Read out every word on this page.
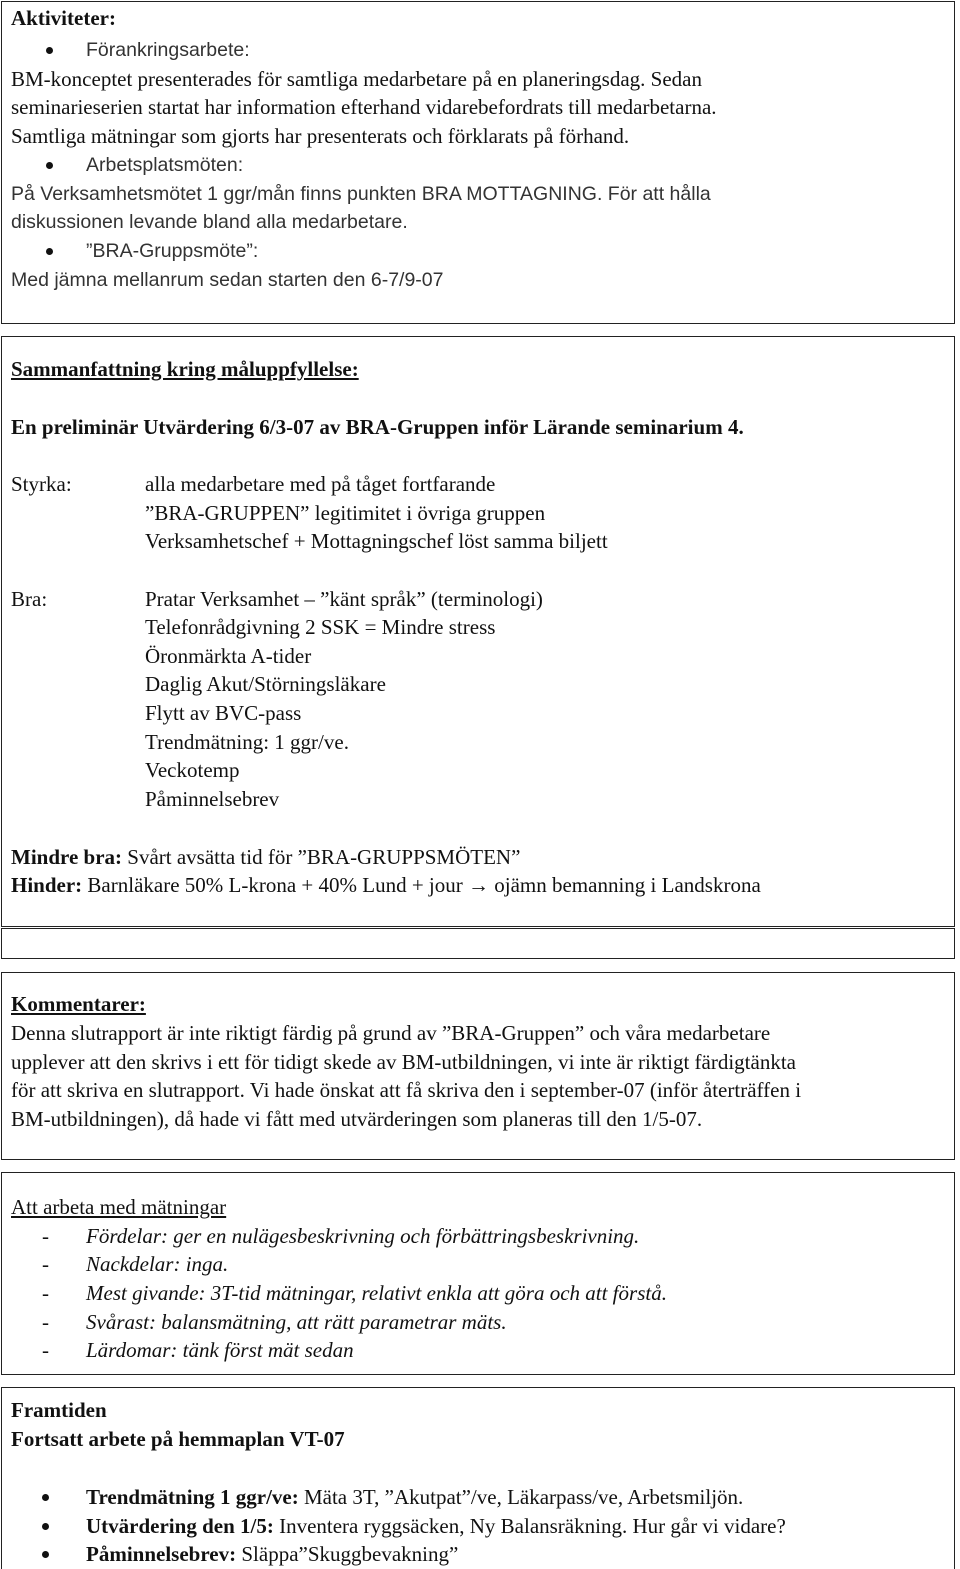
Aktiviteter:
Förankringsarbete:
BM-konceptet presenterades för samtliga medarbetare på en planeringsdag. Sedan
seminarieserien startat har information efterhand vidarebefordrats till medarbetarna.
Samtliga mätningar som gjorts har presenterats och förklarats på förhand.
Arbetsplatsmöten:
På Verksamhetsmötet 1 ggr/mån finns punkten BRA MOTTAGNING. För att hålla
diskussionen levande bland alla medarbetare.
”BRA-Gruppsmöte”:
Med jämna mellanrum sedan starten den 6-7/9-07
Sammanfattning kring måluppfyllelse:
En preliminär Utvärdering 6/3-07 av BRA-Gruppen inför Lärande seminarium 4.
Styrka:	alla medarbetare med på tåget fortfarande
”BRA-GRUPPEN” legitimitet i övriga gruppen
Verksamhetschef + Mottagningschef löst samma biljett
Bra:	Pratar Verksamhet – ”känt språk” (terminologi)
Telefonrådgivning 2 SSK = Mindre stress
Öronmärkta A-tider
Daglig Akut/Störningsläkare
Flytt av BVC-pass
Trendmätning: 1 ggr/ve.
Veckotemp
Påminnelsebrev
Mindre bra: Svårt avsätta tid för ”BRA-GRUPPSMÖTEN”
Hinder: Barnläkare 50% L-krona + 40% Lund + jour → ojämn bemanning i Landskrona
Kommentarer:
Denna slutrapport är inte riktigt färdig på grund av ”BRA-Gruppen” och våra medarbetare
upplever att den skrivs i ett för tidigt skede av BM-utbildningen, vi inte är riktigt färdigtänkta
för att skriva en slutrapport. Vi hade önskat att få skriva den i september-07 (inför återträffen i
BM-utbildningen), då hade vi fått med utvärderingen som planeras till den 1/5-07.
Att arbeta med mätningar
- Fördelar: ger en nulägesbeskrivning och förbättringsbeskrivning.
- Nackdelar: inga.
- Mest givande: 3T-tid mätningar, relativt enkla att göra och att förstå.
- Svårast: balansmätning, att rätt parametrar mäts.
- Lärdomar: tänk först mät sedan
Framtiden
Fortsatt arbete på hemmaplan VT-07
Trendmätning 1 ggr/ve: Mäta 3T, ”Akutpat”/ve, Läkarpass/ve, Arbetsmiljön.
Utvärdering den 1/5: Inventera ryggsäcken, Ny Balansräkning. Hur går vi vidare?
Påminnelsebrev: Släppa”Skuggbevakning”
